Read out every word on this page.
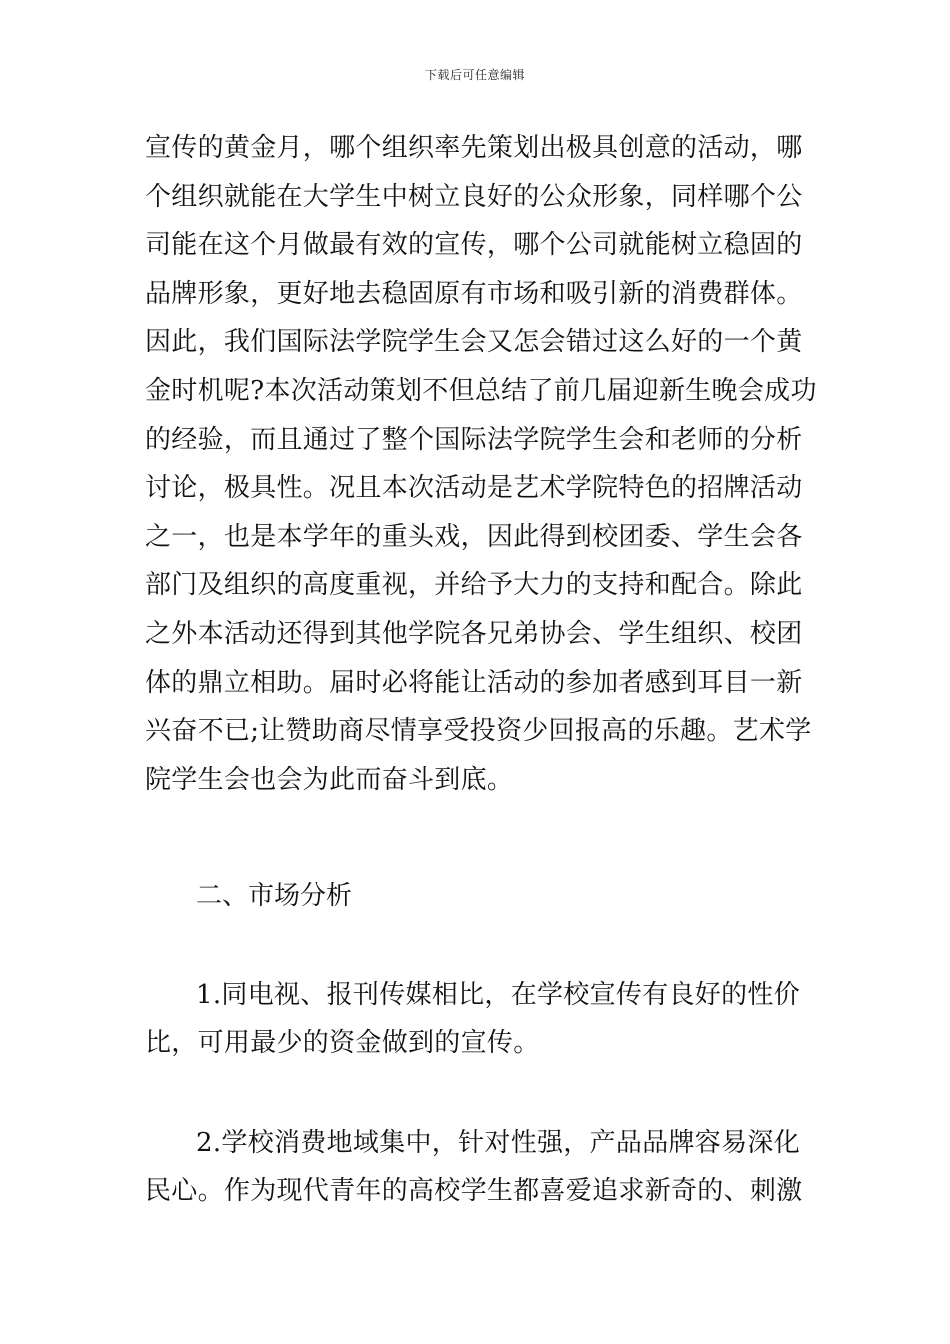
下载后可任意编辑
宣传的黄金月，哪个组织率先策划出极具创意的活动，哪
个组织就能在大学生中树立良好的公众形象，同样哪个公
司能在这个月做最有效的宣传，哪个公司就能树立稳固的
品牌形象，更好地去稳固原有市场和吸引新的消费群体。
因此，我们国际法学院学生会又怎会错过这么好的一个黄
金时机呢?本次活动策划不但总结了前几届迎新生晚会成功
的经验，而且通过了整个国际法学院学生会和老师的分析
讨论，极具性。况且本次活动是艺术学院特色的招牌活动
之一，也是本学年的重头戏，因此得到校团委、学生会各
部门及组织的高度重视，并给予大力的支持和配合。除此
之外本活动还得到其他学院各兄弟协会、学生组织、校团
体的鼎立相助。届时必将能让活动的参加者感到耳目一新
兴奋不已;让赞助商尽情享受投资少回报高的乐趣。艺术学
院学生会也会为此而奋斗到底。
二、市场分析
1.同电视、报刊传媒相比，在学校宣传有良好的性价
比，可用最少的资金做到的宣传。
2.学校消费地域集中，针对性强，产品品牌容易深化
民心。作为现代青年的高校学生都喜爱追求新奇的、刺激
